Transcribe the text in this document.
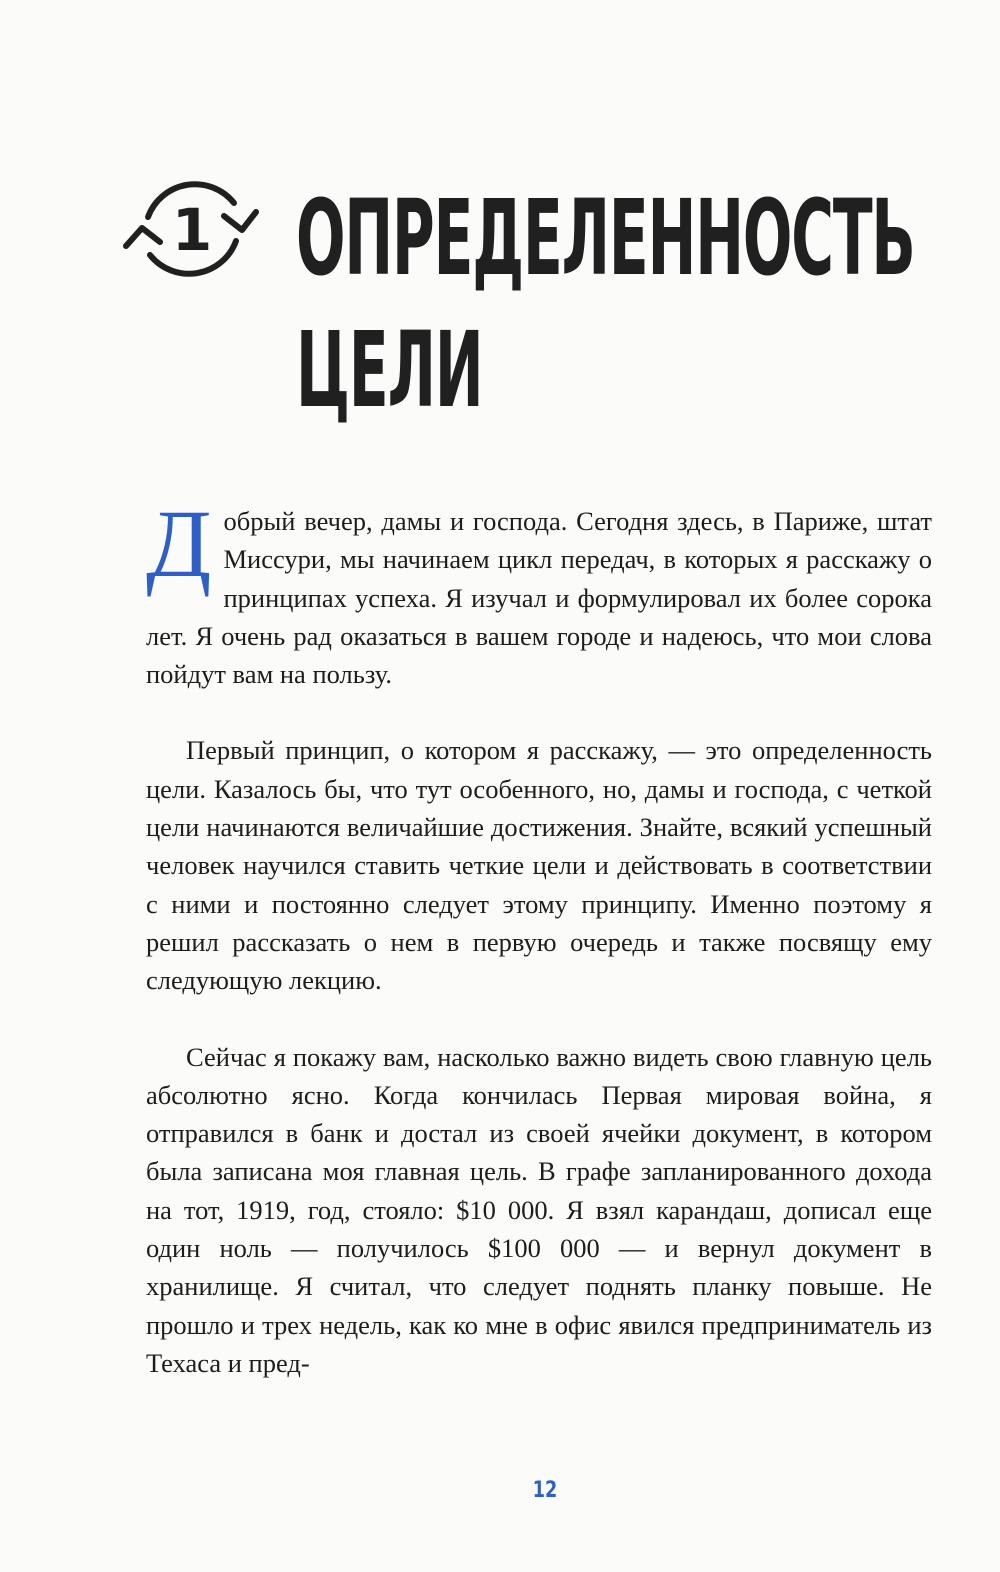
1 ОПРЕДЕЛЕННОСТЬ
ЦЕЛИ

Добрый вечер, дамы и господа. Сегодня здесь, в Париже, штат Миссури, мы начинаем цикл передач, в которых я расскажу о принципах успеха. Я изучал и формулировал их более сорока лет. Я очень рад оказаться в вашем городе и надеюсь, что мои слова пойдут вам на пользу.

Первый принцип, о котором я расскажу, — это определенность цели. Казалось бы, что тут особенного, но, дамы и господа, с четкой цели начинаются величайшие достижения. Знайте, всякий успешный человек научился ставить четкие цели и действовать в соответствии с ними и постоянно следует этому принципу. Именно поэтому я решил рассказать о нем в первую очередь и также посвящу ему следующую лекцию.

Сейчас я покажу вам, насколько важно видеть свою главную цель абсолютно ясно. Когда кончилась Первая мировая война, я отправился в банк и достал из своей ячейки документ, в котором была записана моя главная цель. В графе запланированного дохода на тот, 1919, год, стояло: $10 000. Я взял карандаш, дописал еще один ноль — получилось $100 000 — и вернул документ в хранилище. Я считал, что следует поднять планку повыше. Не прошло и трех недель, как ко мне в офис явился предприниматель из Техаса и пред-

12
